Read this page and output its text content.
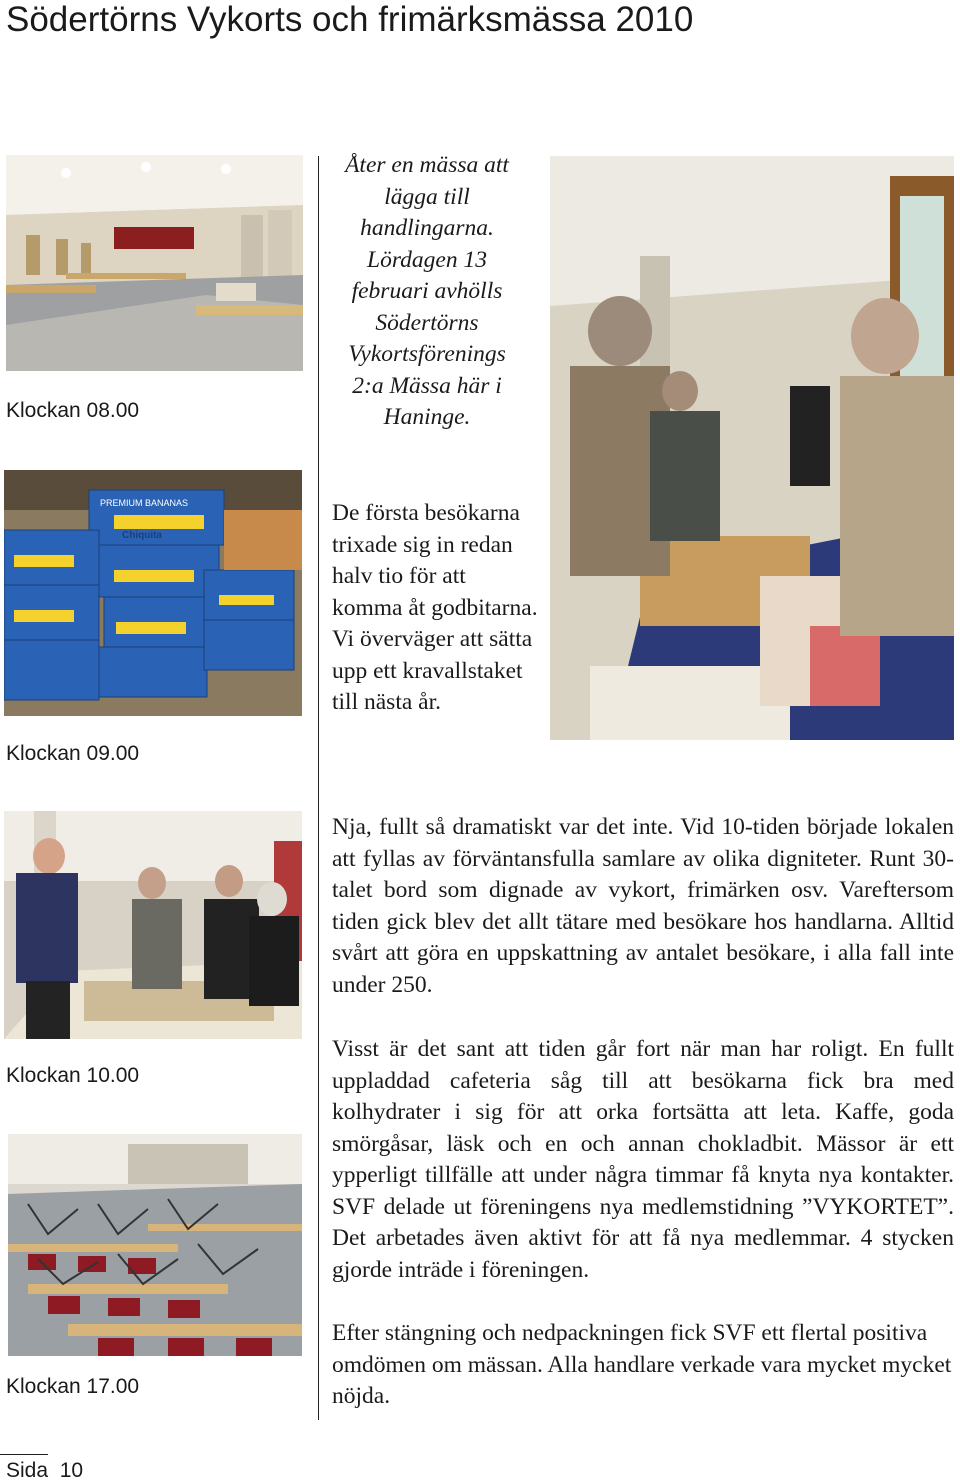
Södertörns Vykorts och frimärksmässa 2010
Klockan 08.00
Åter en mässa att lägga till handlingarna. Lördagen 13 februari avhölls Södertörns Vykortsförenings 2:a Mässa här i Haninge.
PREMIUM BANANAS
Chiquita
Klockan 09.00
De första besökarna trixade sig in redan halv tio för att komma åt godbitarna. Vi överväger att sätta upp ett kravallstaket till nästa år.
Klockan 10.00
Nja, fullt så dramatiskt var det inte. Vid 10-tiden började lokalen att fyllas av förväntansfulla samlare av olika digniteter. Runt 30-talet bord som dignade av vykort, frimärken osv. Vareftersom tiden gick blev det allt tätare med besökare hos handlarna. Alltid svårt att göra en uppskattning av antalet besökare, i alla fall inte under 250.
Klockan 17.00
Visst är det sant att tiden går fort när man har roligt. En fullt uppladdad cafeteria såg till att besökarna fick bra med kolhydrater i sig för att orka fortsätta att leta. Kaffe, goda smörgåsar, läsk och en och annan chokladbit. Mässor är ett ypperligt tillfälle att under några timmar få knyta nya kontakter. SVF delade ut föreningens nya medlemstidning ”VYKORTET”. Det arbetades även aktivt för att få nya medlemmar. 4 stycken gjorde inträde i föreningen.
Efter stängning och nedpackningen fick SVF ett flertal positiva omdömen om mässan. Alla handlare verkade vara mycket mycket nöjda.
Sida  10
